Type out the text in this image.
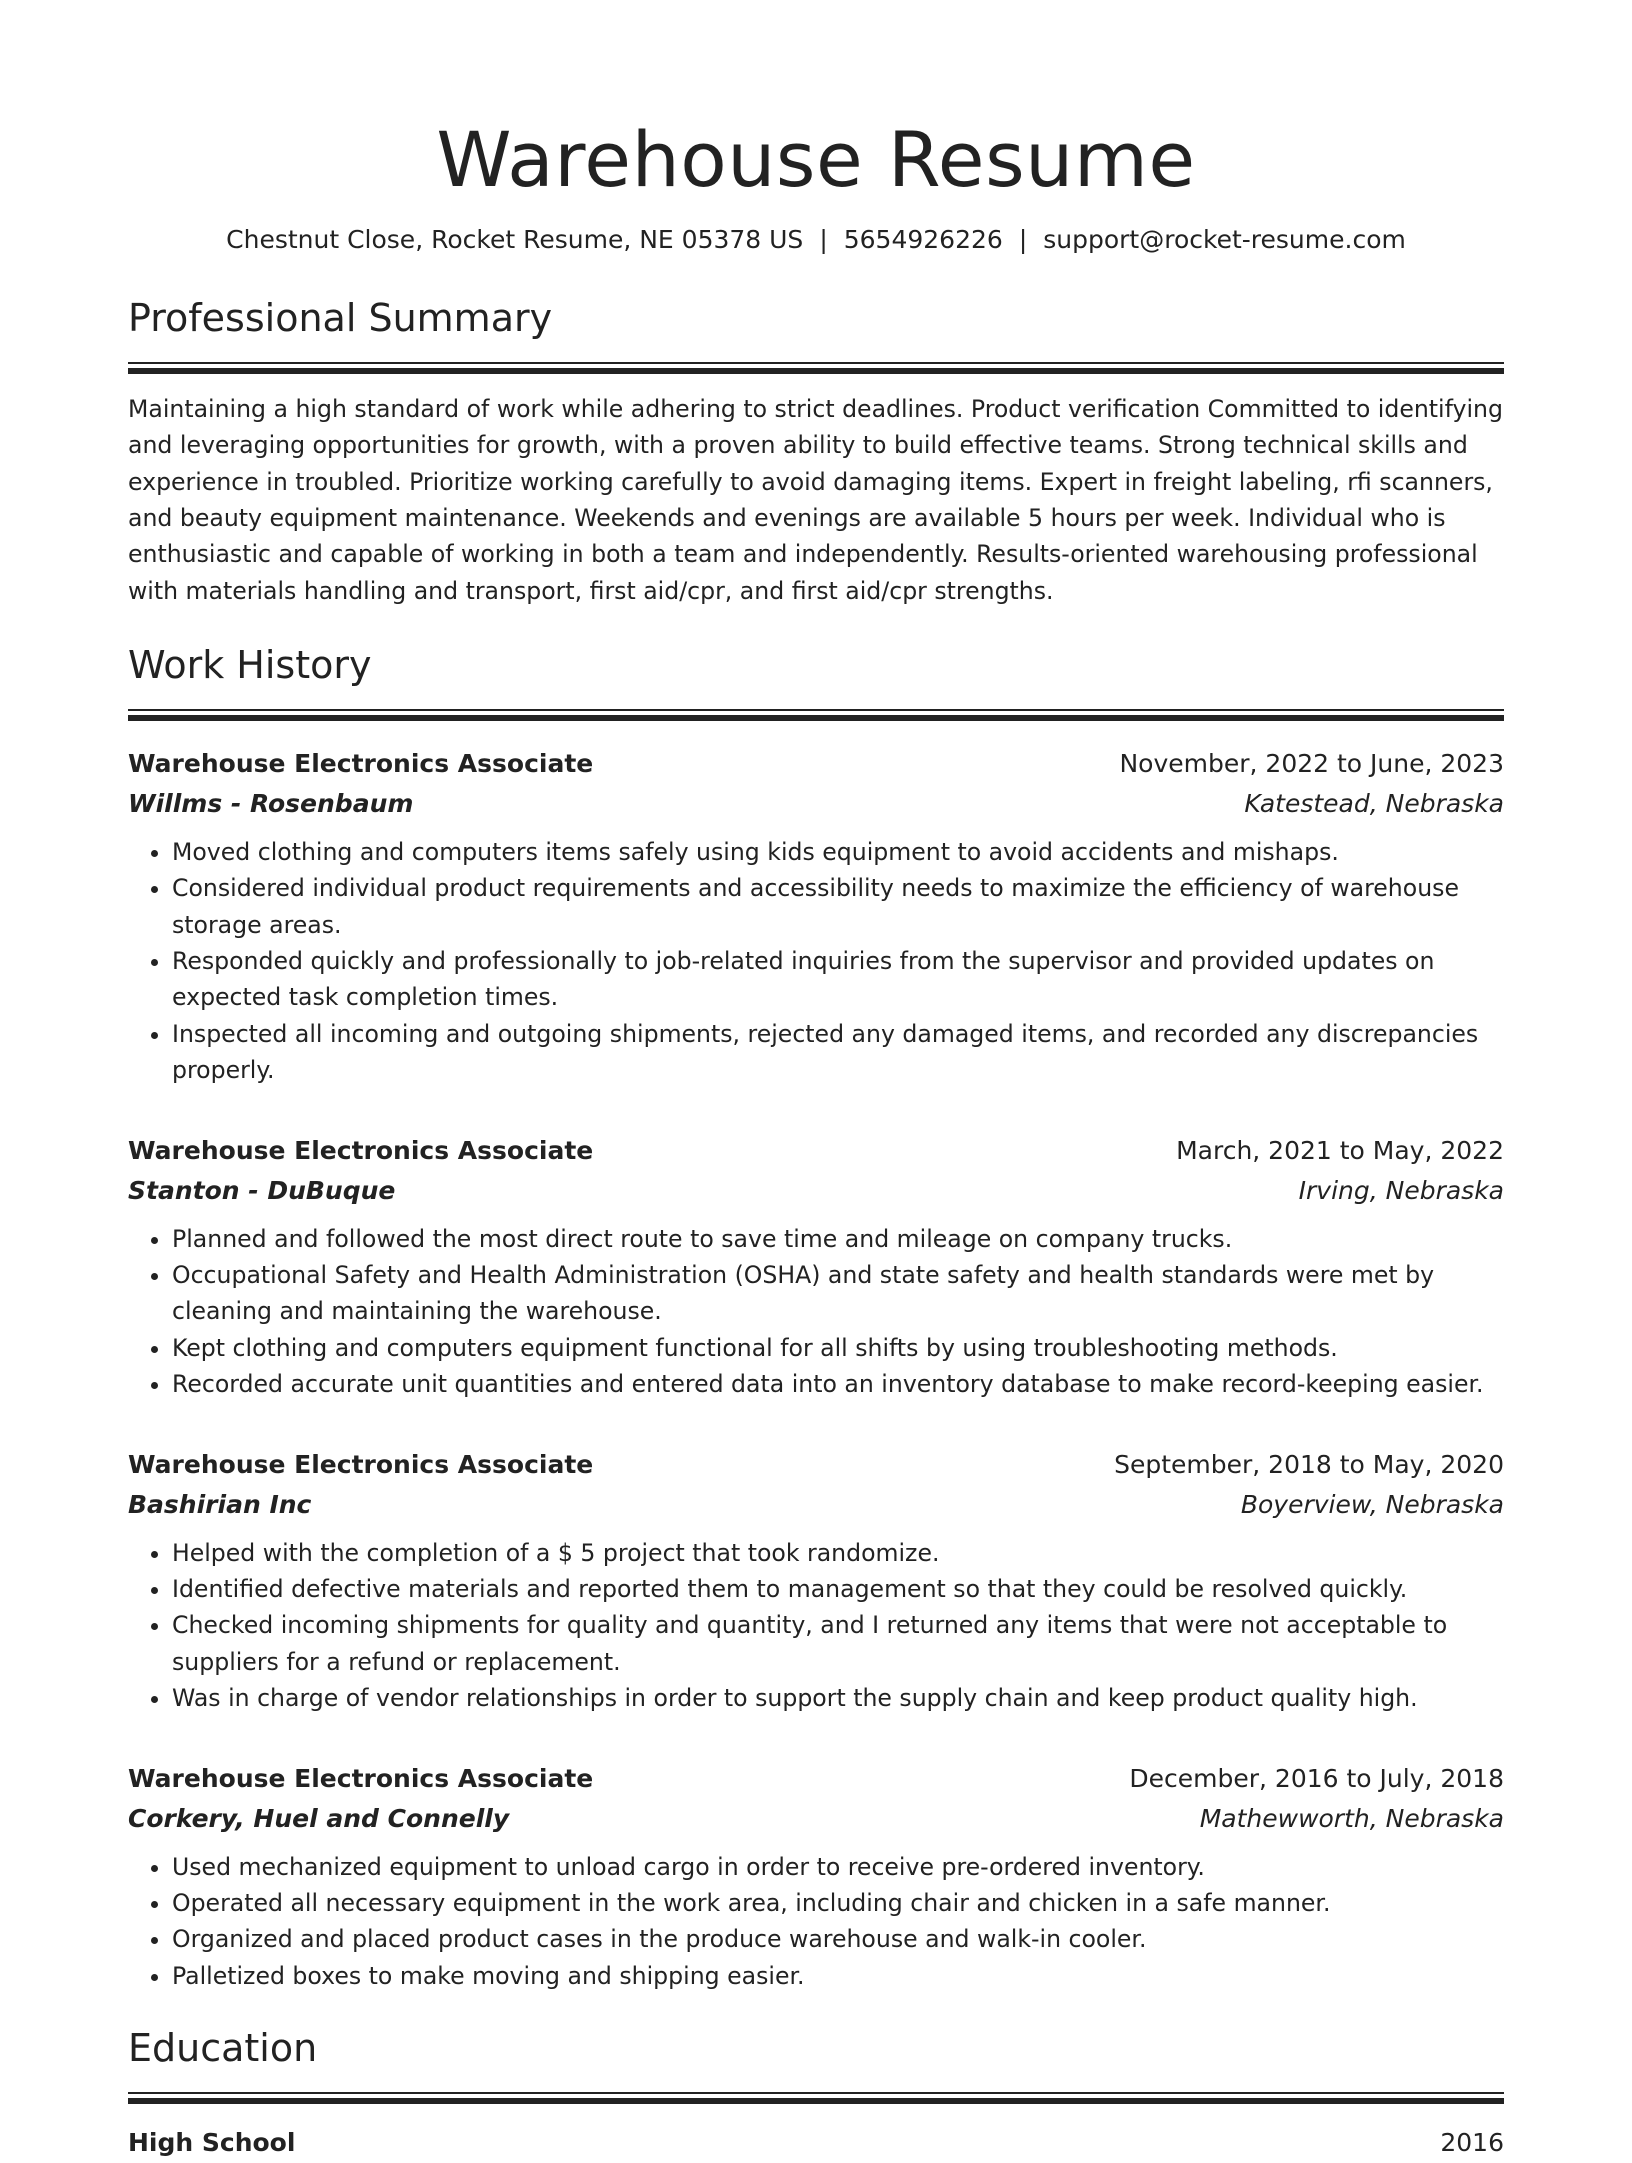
Warehouse Resume
Chestnut Close, Rocket Resume, NE 05378 US | 5654926226 | support@rocket-resume.com
Professional Summary

Maintaining a high standard of work while adhering to strict deadlines. Product verification Committed to identifying and leveraging opportunities for growth, with a proven ability to build effective teams. Strong technical skills and experience in troubled. Prioritize working carefully to avoid damaging items. Expert in freight labeling, rfi scanners, and beauty equipment maintenance. Weekends and evenings are available 5 hours per week. Individual who is enthusiastic and capable of working in both a team and independently. Results-oriented warehousing professional with materials handling and transport, first aid/cpr, and first aid/cpr strengths.

Work History
Warehouse Electronics Associate	November, 2022 to June, 2023
Willms - Rosenbaum	Katestead, Nebraska
• Moved clothing and computers items safely using kids equipment to avoid accidents and mishaps.
• Considered individual product requirements and accessibility needs to maximize the efficiency of warehouse storage areas.
• Responded quickly and professionally to job-related inquiries from the supervisor and provided updates on expected task completion times.
• Inspected all incoming and outgoing shipments, rejected any damaged items, and recorded any discrepancies properly.
Warehouse Electronics Associate	March, 2021 to May, 2022
Stanton - DuBuque	Irving, Nebraska
• Planned and followed the most direct route to save time and mileage on company trucks.
• Occupational Safety and Health Administration (OSHA) and state safety and health standards were met by cleaning and maintaining the warehouse.
• Kept clothing and computers equipment functional for all shifts by using troubleshooting methods.
• Recorded accurate unit quantities and entered data into an inventory database to make record-keeping easier.
Warehouse Electronics Associate	September, 2018 to May, 2020
Bashirian Inc	Boyerview, Nebraska
• Helped with the completion of a $ 5 project that took randomize.
• Identified defective materials and reported them to management so that they could be resolved quickly.
• Checked incoming shipments for quality and quantity, and I returned any items that were not acceptable to suppliers for a refund or replacement.
• Was in charge of vendor relationships in order to support the supply chain and keep product quality high.
Warehouse Electronics Associate	December, 2016 to July, 2018
Corkery, Huel and Connelly	Mathewworth, Nebraska
• Used mechanized equipment to unload cargo in order to receive pre-ordered inventory.
• Operated all necessary equipment in the work area, including chair and chicken in a safe manner.
• Organized and placed product cases in the produce warehouse and walk-in cooler.
• Palletized boxes to make moving and shipping easier.
Education
High School	2016
